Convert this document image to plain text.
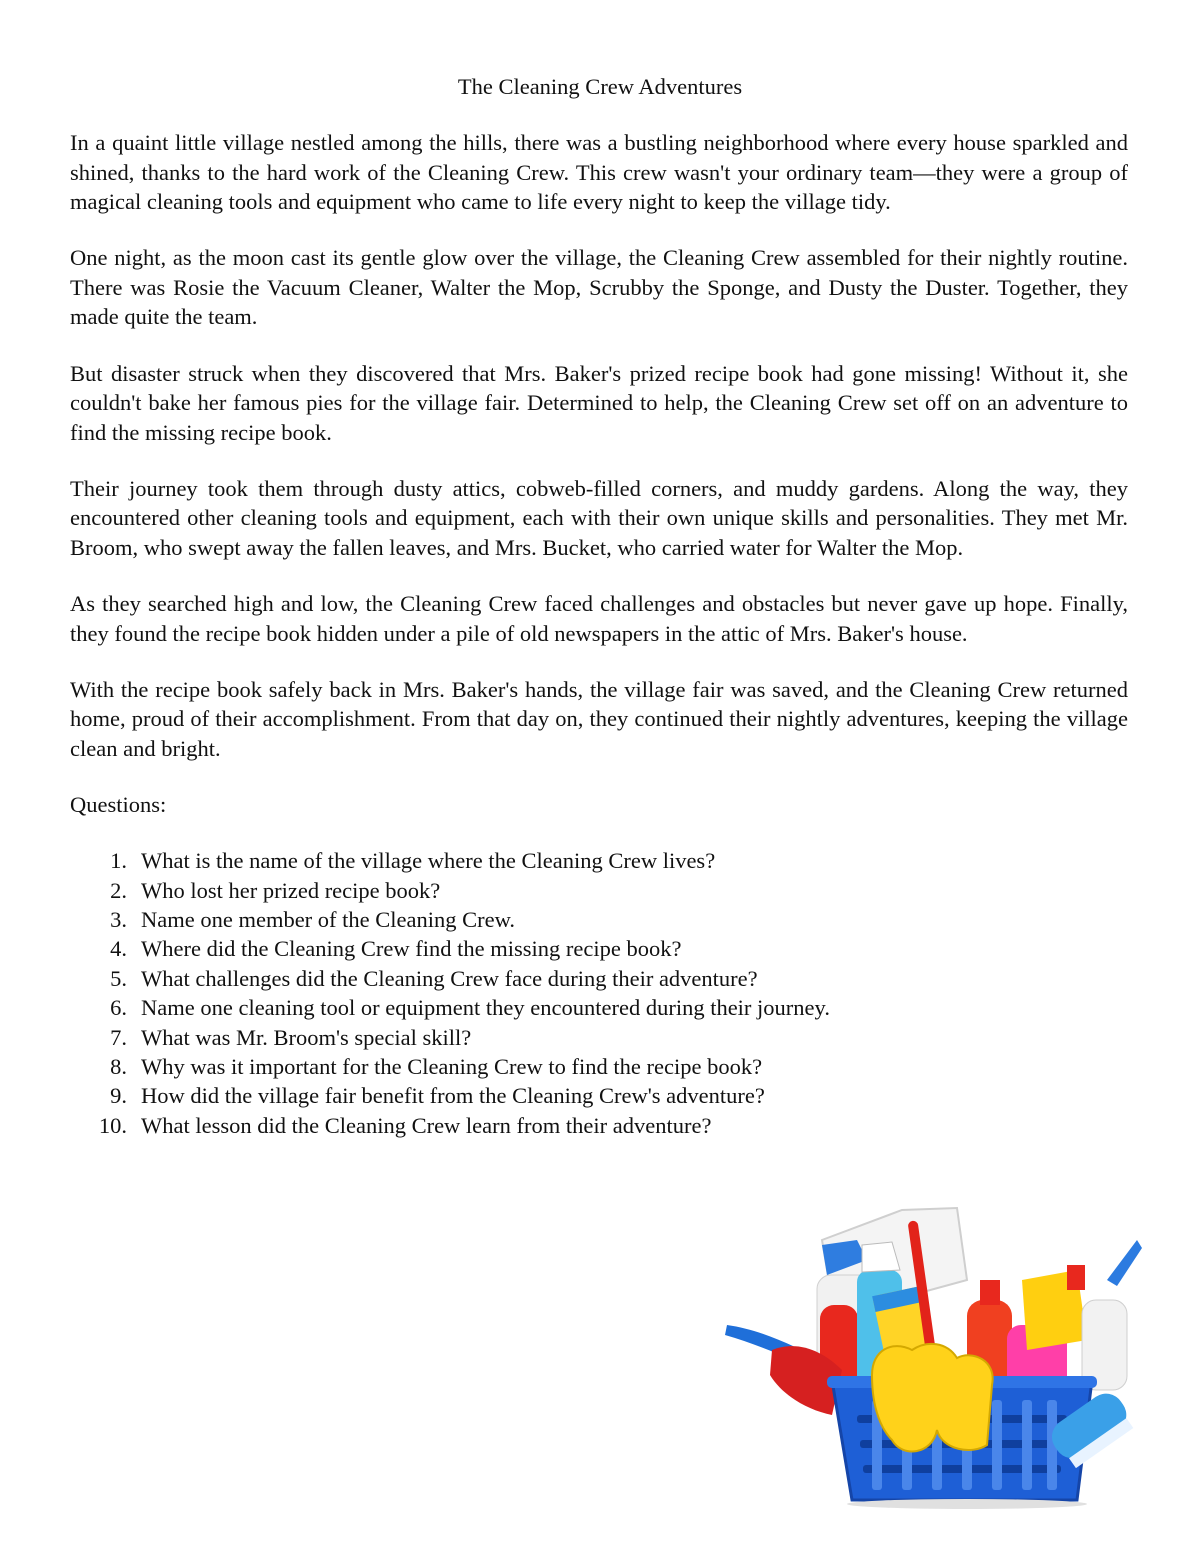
The Cleaning Crew Adventures

In a quaint little village nestled among the hills, there was a bustling neighborhood where every house sparkled and shined, thanks to the hard work of the Cleaning Crew. This crew wasn't your ordinary team—they were a group of magical cleaning tools and equipment who came to life every night to keep the village tidy.

One night, as the moon cast its gentle glow over the village, the Cleaning Crew assembled for their nightly routine. There was Rosie the Vacuum Cleaner, Walter the Mop, Scrubby the Sponge, and Dusty the Duster. Together, they made quite the team.

But disaster struck when they discovered that Mrs. Baker's prized recipe book had gone missing! Without it, she couldn't bake her famous pies for the village fair. Determined to help, the Cleaning Crew set off on an adventure to find the missing recipe book.

Their journey took them through dusty attics, cobweb-filled corners, and muddy gardens. Along the way, they encountered other cleaning tools and equipment, each with their own unique skills and personalities. They met Mr. Broom, who swept away the fallen leaves, and Mrs. Bucket, who carried water for Walter the Mop.

As they searched high and low, the Cleaning Crew faced challenges and obstacles but never gave up hope. Finally, they found the recipe book hidden under a pile of old newspapers in the attic of Mrs. Baker's house.

With the recipe book safely back in Mrs. Baker's hands, the village fair was saved, and the Cleaning Crew returned home, proud of their accomplishment. From that day on, they continued their nightly adventures, keeping the village clean and bright.

Questions:

1. What is the name of the village where the Cleaning Crew lives?
2. Who lost her prized recipe book?
3. Name one member of the Cleaning Crew.
4. Where did the Cleaning Crew find the missing recipe book?
5. What challenges did the Cleaning Crew face during their adventure?
6. Name one cleaning tool or equipment they encountered during their journey.
7. What was Mr. Broom's special skill?
8. Why was it important for the Cleaning Crew to find the recipe book?
9. How did the village fair benefit from the Cleaning Crew's adventure?
10. What lesson did the Cleaning Crew learn from their adventure?
